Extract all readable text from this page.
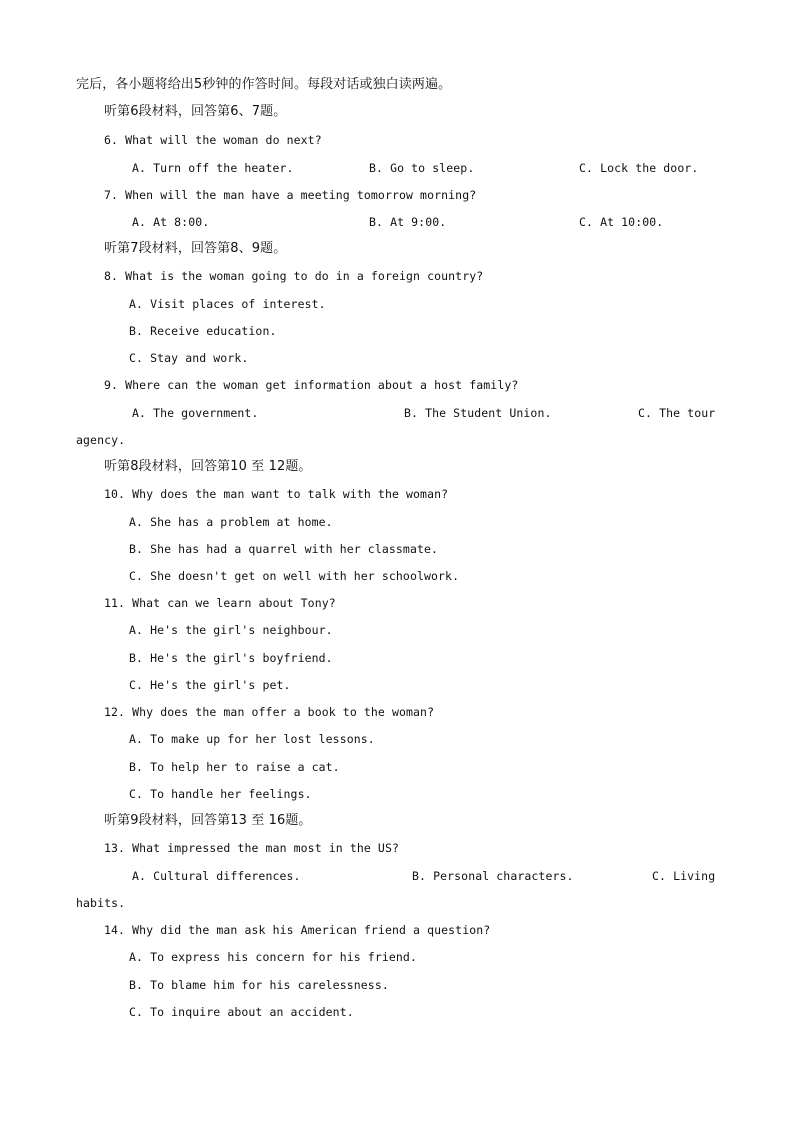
完后，各小题将给出5秒钟的作答时间。每段对话或独白读两遍。
听第6段材料，回答第6、7题。
6. What will the woman do next?
A. Turn off the heater.	B. Go to sleep.	C. Lock the door.
7. When will the man have a meeting tomorrow morning?
A. At 8:00.	B. At 9:00.	C. At 10:00.
听第7段材料，回答第8、9题。
8. What is the woman going to do in a foreign country?
A. Visit places of interest.
B. Receive education.
C. Stay and work.
9. Where can the woman get information about a host family?
A. The government.	B. The Student Union.	C. The tour
agency.
听第8段材料，回答第10 至 12题。
10. Why does the man want to talk with the woman?
A. She has a problem at home.
B. She has had a quarrel with her classmate.
C. She doesn't get on well with her schoolwork.
11. What can we learn about Tony?
A. He's the girl's neighbour.
B. He's the girl's boyfriend.
C. He's the girl's pet.
12. Why does the man offer a book to the woman?
A. To make up for her lost lessons.
B. To help her to raise a cat.
C. To handle her feelings.
听第9段材料，回答第13 至 16题。
13. What impressed the man most in the US?
A. Cultural differences.	B. Personal characters.	C. Living
habits.
14. Why did the man ask his American friend a question?
A. To express his concern for his friend.
B. To blame him for his carelessness.
C. To inquire about an accident.
